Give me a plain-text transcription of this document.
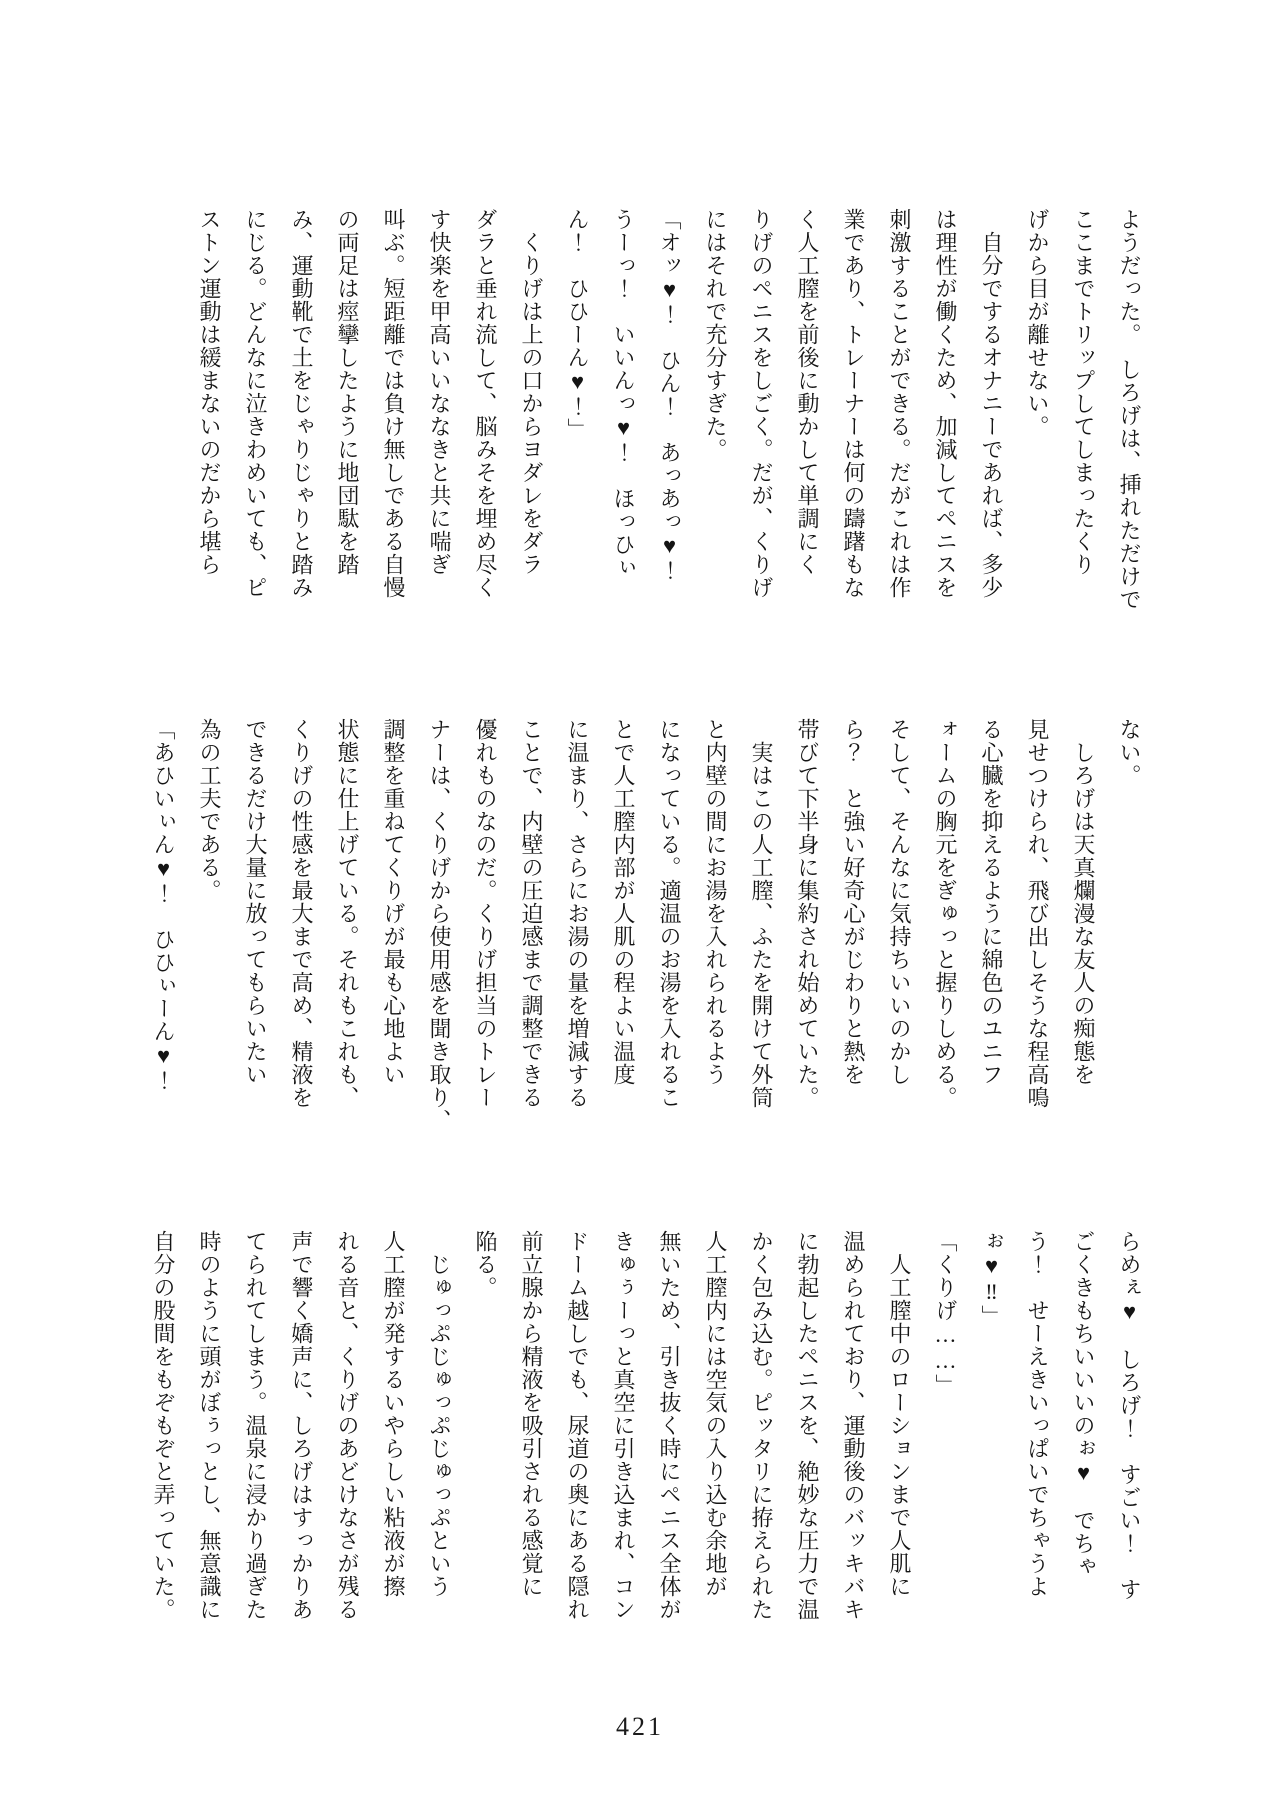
ようだった。　しろげは、挿れただけで

ここまでトリップしてしまったくり

げから目が離せない。

　自分でするオナニーであれば、多少

は理性が働くため、加減してペニスを

刺激することができる。だがこれは作

業であり、トレーナーは何の躊躇もな

く人工膣を前後に動かして単調にく

りげのペニスをしごく。だが、くりげ

にはそれで充分すぎた。

「オッ♥！　ひん！　あっあっ♥！

うーっ！　いいんっ♥！　ほっひぃ

ん！　ひひーん♥！」

　くりげは上の口からヨダレをダラ

ダラと垂れ流して、脳みそを埋め尽く

す快楽を甲高いいななきと共に喘ぎ

叫ぶ。短距離では負け無しである自慢

の両足は痙攣したように地団駄を踏

み、運動靴で土をじゃりじゃりと踏み

にじる。どんなに泣きわめいても、ピ

ストン運動は緩まないのだから堪ら

ない。

　しろげは天真爛漫な友人の痴態を

見せつけられ、飛び出しそうな程高鳴

る心臓を抑えるように綿色のユニフ

ォームの胸元をぎゅっと握りしめる。

そして、そんなに気持ちいいのかし

ら？　と強い好奇心がじわりと熱を

帯びて下半身に集約され始めていた。

　実はこの人工膣、ふたを開けて外筒

と内壁の間にお湯を入れられるよう

になっている。適温のお湯を入れるこ

とで人工膣内部が人肌の程よい温度

に温まり、さらにお湯の量を増減する

ことで、内壁の圧迫感まで調整できる

優れものなのだ。くりげ担当のトレー

ナーは、くりげから使用感を聞き取り、

調整を重ねてくりげが最も心地よい

状態に仕上げている。それもこれも、

くりげの性感を最大まで高め、精液を

できるだけ大量に放ってもらいたい

為の工夫である。

「あひいぃん♥！　ひひぃーん♥！

らめぇ♥　しろげ！　すごい！　す

ごくきもちいいいのぉ♥　でちゃ

う！　せーえきいっぱいでちゃうよ

ぉ♥‼」

「くりげ……」

　人工膣中のローションまで人肌に

温められており、運動後のバッキバキ

に勃起したペニスを、絶妙な圧力で温

かく包み込む。ピッタリに拵えられた

人工膣内には空気の入り込む余地が

無いため、引き抜く時にペニス全体が

きゅぅーっと真空に引き込まれ、コン

ドーム越しでも、尿道の奥にある隠れ

前立腺から精液を吸引される感覚に

陥る。

　じゅっぷじゅっぷじゅっぷという

人工膣が発するいやらしい粘液が擦

れる音と、くりげのあどけなさが残る

声で響く嬌声に、しろげはすっかりあ

てられてしまう。温泉に浸かり過ぎた

時のように頭がぼぅっとし、無意識に

自分の股間をもぞもぞと弄っていた。

421
